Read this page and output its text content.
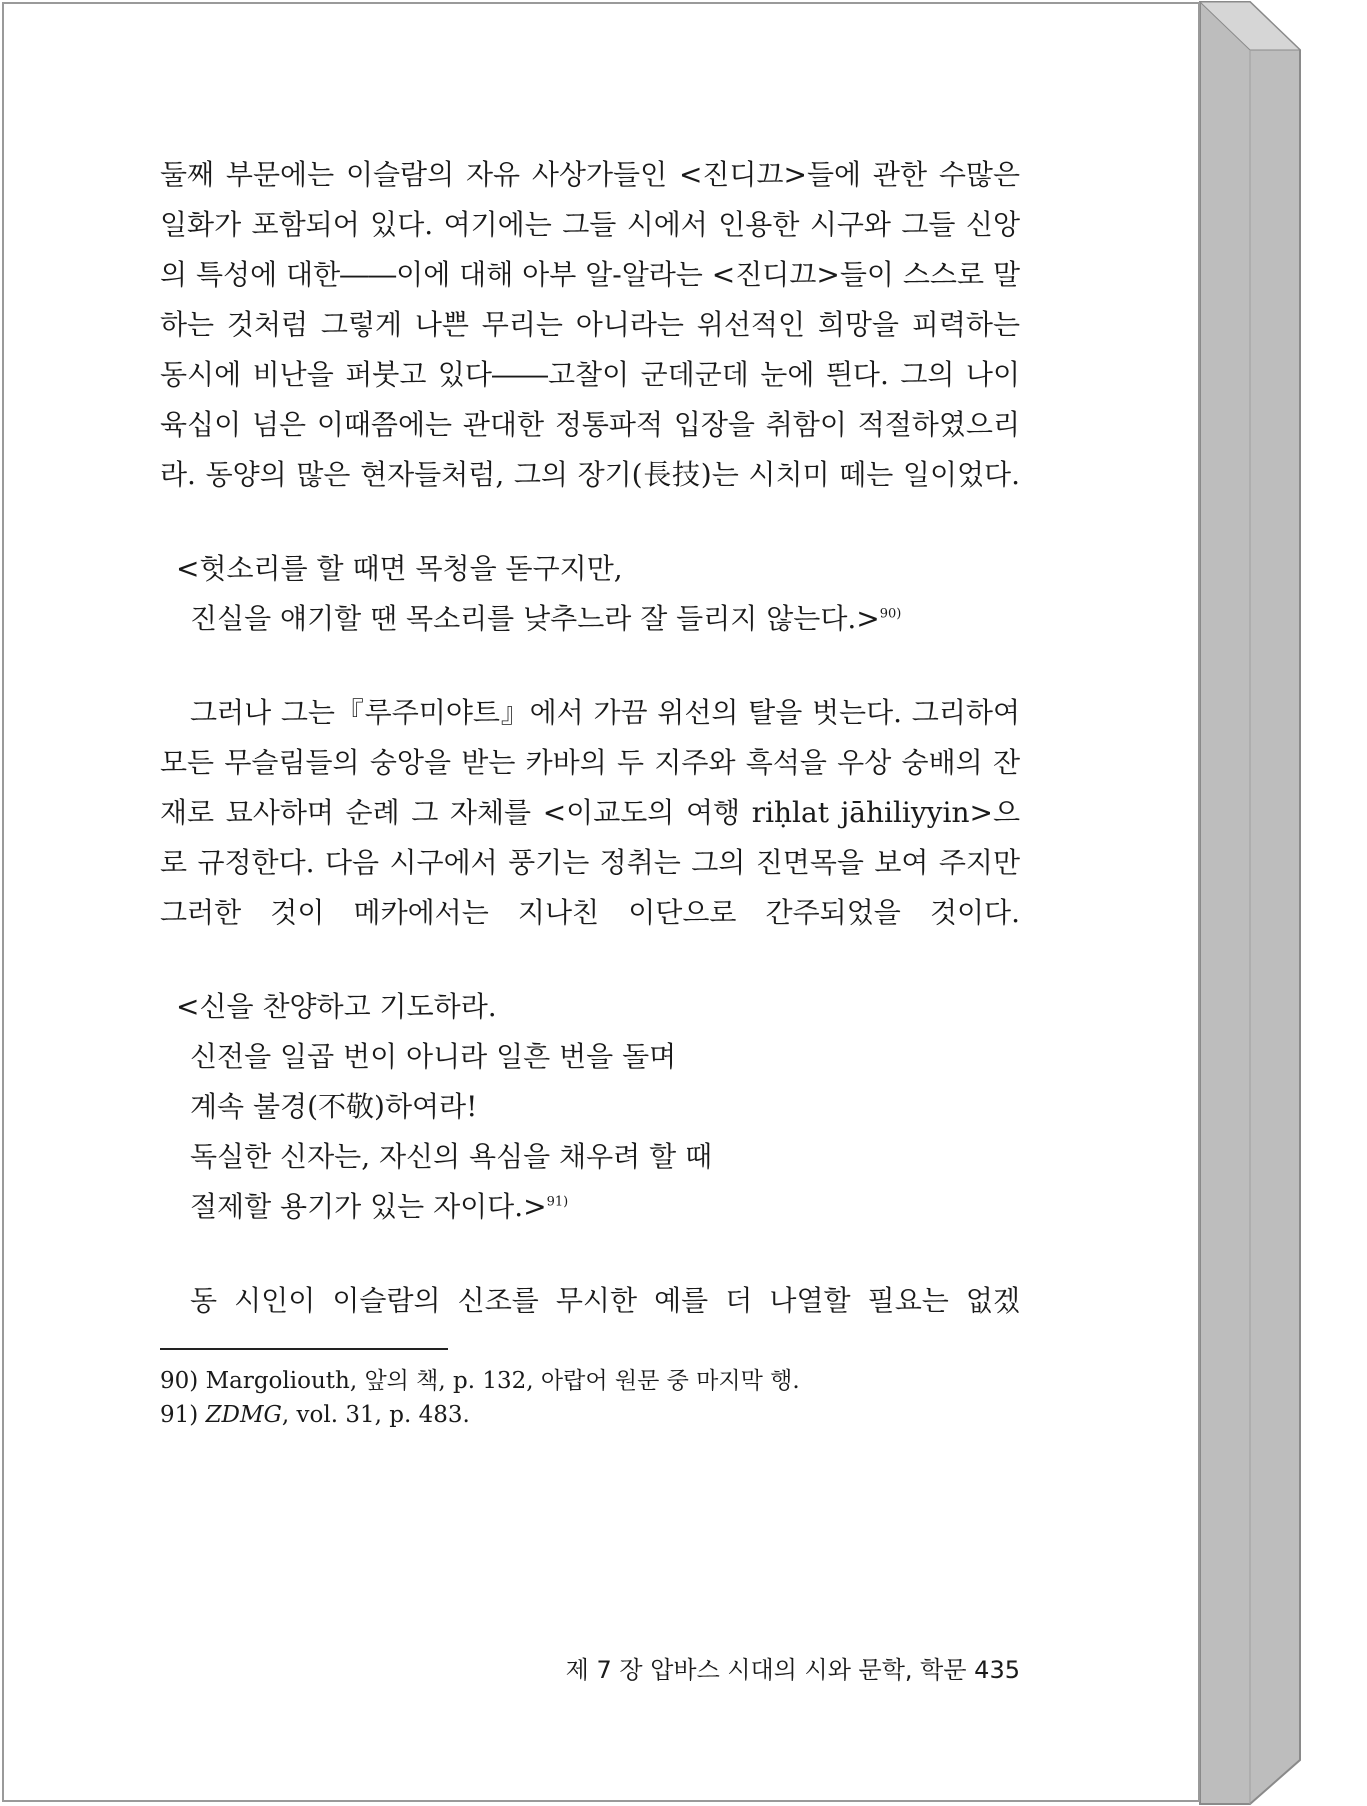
둘째 부문에는 이슬람의 자유 사상가들인 <진디끄>들에 관한 수많은 일화가 포함되어 있다. 여기에는 그들 시에서 인용한 시구와 그들 신앙의 특성에 대한――이에 대해 아부 알-알라는 <진디끄>들이 스스로 말하는 것처럼 그렇게 나쁜 무리는 아니라는 위선적인 희망을 피력하는 동시에 비난을 퍼붓고 있다――고찰이 군데군데 눈에 띈다. 그의 나이 육십이 넘은 이때쯤에는 관대한 정통파적 입장을 취함이 적절하였으리라. 동양의 많은 현자들처럼, 그의 장기(長技)는 시치미 떼는 일이었다.

<헛소리를 할 때면 목청을 돋구지만,
진실을 얘기할 땐 목소리를 낮추느라 잘 들리지 않는다.>$^{90)}$

그러나 그는『루주미야트』에서 가끔 위선의 탈을 벗는다. 그리하여 모든 무슬림들의 숭앙을 받는 카바의 두 지주와 흑석을 우상 숭배의 잔재로 묘사하며 순례 그 자체를 <이교도의 여행 riḥlat jāhiliyyin>으로 규정한다. 다음 시구에서 풍기는 정취는 그의 진면목을 보여 주지만 그러한 것이 메카에서는 지나친 이단으로 간주되었을 것이다.

<신을 찬양하고 기도하라.
신전을 일곱 번이 아니라 일흔 번을 돌며
계속 불경(不敬)하여라!
독실한 신자는, 자신의 욕심을 채우려 할 때
절제할 용기가 있는 자이다.>$^{91)}$

동 시인이 이슬람의 신조를 무시한 예를 더 나열할 필요는 없겠

90) Margoliouth, 앞의 책, p. 132, 아랍어 원문 중 마지막 행.

91) ZDMG, vol. 31, p. 483.

제 7 장 압바스 시대의 시와 문학, 학문 435
